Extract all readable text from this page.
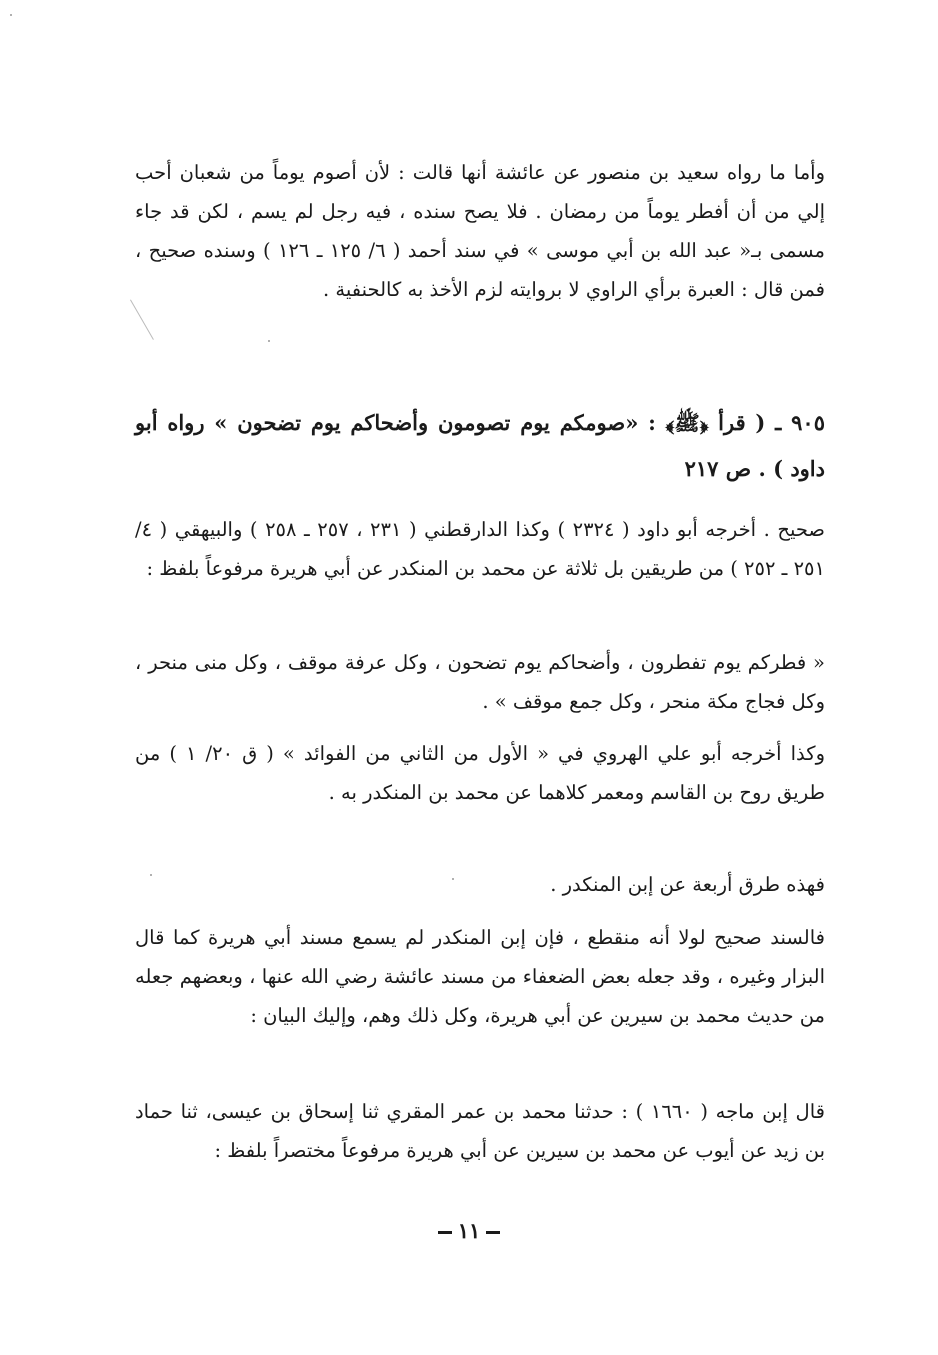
وأما ما رواه سعيد بن منصور عن عائشة أنها قالت : لأن أصوم يوماً من شعبان أحب إلي من أن أفطر يوماً من رمضان . فلا يصح سنده ، فيه رجل لم يسم ، لكن قد جاء مسمى بـ« عبد الله بن أبي موسى » في سند أحمد ( ٦/ ١٢٥ ـ ١٢٦ ) وسنده صحيح ، فمن قال : العبرة برأي الراوي لا بروايته لزم الأخذ به كالحنفية .

٩٠٥ ـ ( قرأ ﴿ﷺ﴾ : «صومكم يوم تصومون وأضحاكم يوم تضحون » رواه أبو داود ) . ص ٢١٧

صحيح . أخرجه أبو داود ( ٢٣٢٤ ) وكذا الدارقطني ( ٢٣١ ، ٢٥٧ ـ ٢٥٨ ) والبيهقي ( ٤/ ٢٥١ ـ ٢٥٢ ) من طريقين بل ثلاثة عن محمد بن المنكدر عن أبي هريرة مرفوعاً بلفظ :

« فطركم يوم تفطرون ، وأضحاكم يوم تضحون ، وكل عرفة موقف ، وكل منى منحر ، وكل فجاج مكة منحر ، وكل جمع موقف » .

وكذا أخرجه أبو علي الهروي في « الأول من الثاني من الفوائد » ( ق ٢٠/ ١ ) من طريق روح بن القاسم ومعمر كلاهما عن محمد بن المنكدر به .

فهذه طرق أربعة عن إبن المنكدر .

فالسند صحيح لولا أنه منقطع ، فإن إبن المنكدر لم يسمع مسند أبي هريرة كما قال البزار وغيره ، وقد جعله بعض الضعفاء من مسند عائشة رضي الله عنها ، وبعضهم جعله من حديث محمد بن سيرين عن أبي هريرة، وكل ذلك وهم، وإليك البيان :

قال إبن ماجه ( ١٦٦٠ ) : حدثنا محمد بن عمر المقري ثنا إسحاق بن عيسى، ثنا حماد بن زيد عن أيوب عن محمد بن سيرين عن أبي هريرة مرفوعاً مختصراً بلفظ :

١١
